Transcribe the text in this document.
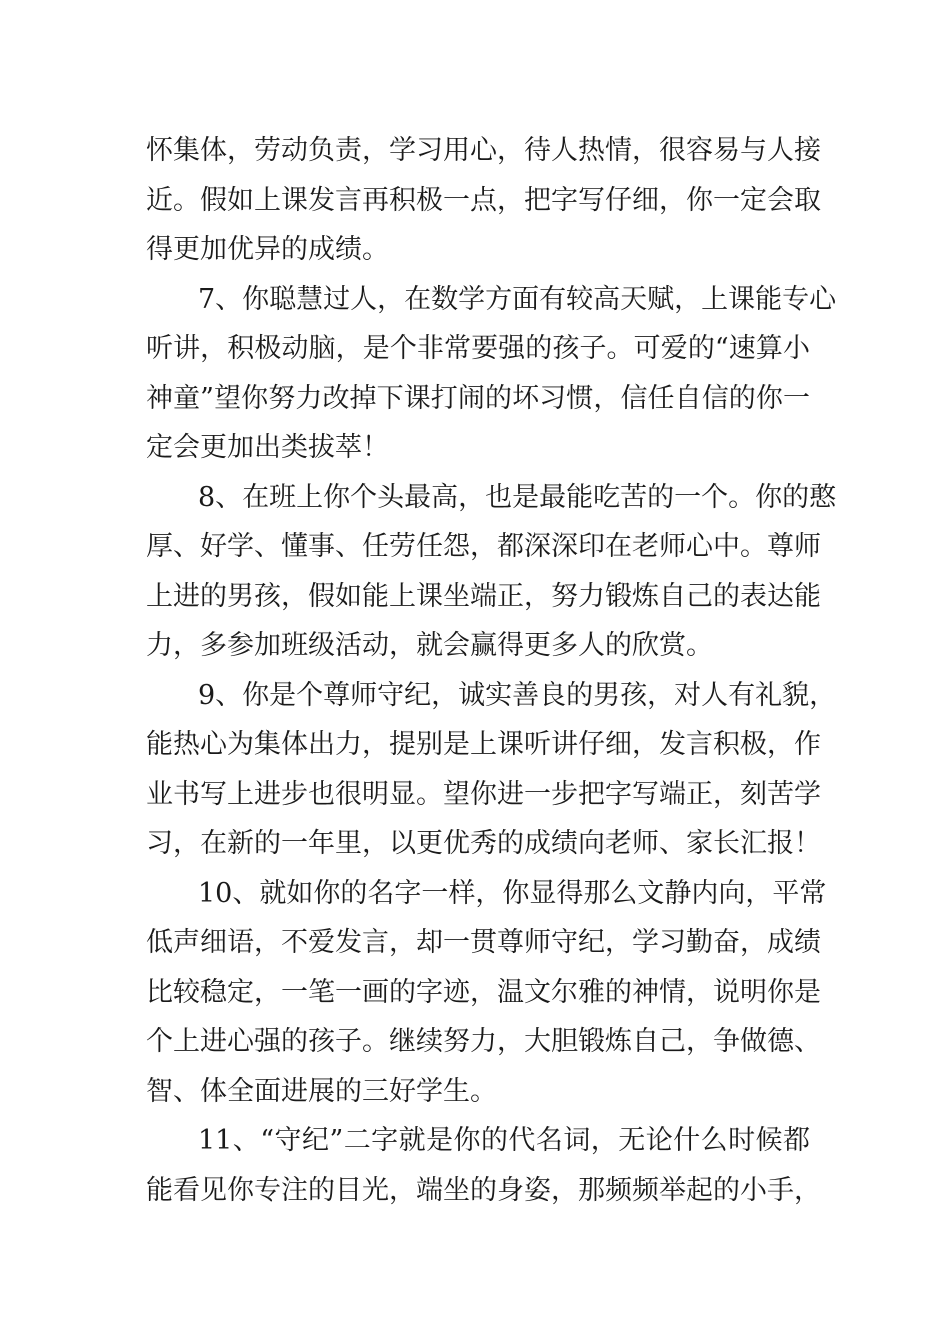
怀集体，劳动负责，学习用心，待人热情，很容易与人接
近。假如上课发言再积极一点，把字写仔细，你一定会取
得更加优异的成绩。
7、你聪慧过人，在数学方面有较高天赋，上课能专心
听讲，积极动脑，是个非常要强的孩子。可爱的“速算小
神童”望你努力改掉下课打闹的坏习惯，信任自信的你一
定会更加出类拔萃！
8、在班上你个头最高，也是最能吃苦的一个。你的憨
厚、好学、懂事、任劳任怨，都深深印在老师心中。尊师
上进的男孩，假如能上课坐端正，努力锻炼自己的表达能
力，多参加班级活动，就会赢得更多人的欣赏。
9、你是个尊师守纪，诚实善良的男孩，对人有礼貌，
能热心为集体出力，提别是上课听讲仔细，发言积极，作
业书写上进步也很明显。望你进一步把字写端正，刻苦学
习，在新的一年里，以更优秀的成绩向老师、家长汇报！
10、就如你的名字一样，你显得那么文静内向，平常
低声细语，不爱发言，却一贯尊师守纪，学习勤奋，成绩
比较稳定，一笔一画的字迹，温文尔雅的神情，说明你是
个上进心强的孩子。继续努力，大胆锻炼自己，争做德、
智、体全面进展的三好学生。
11、“守纪”二字就是你的代名词，无论什么时候都
能看见你专注的目光，端坐的身姿，那频频举起的小手，
